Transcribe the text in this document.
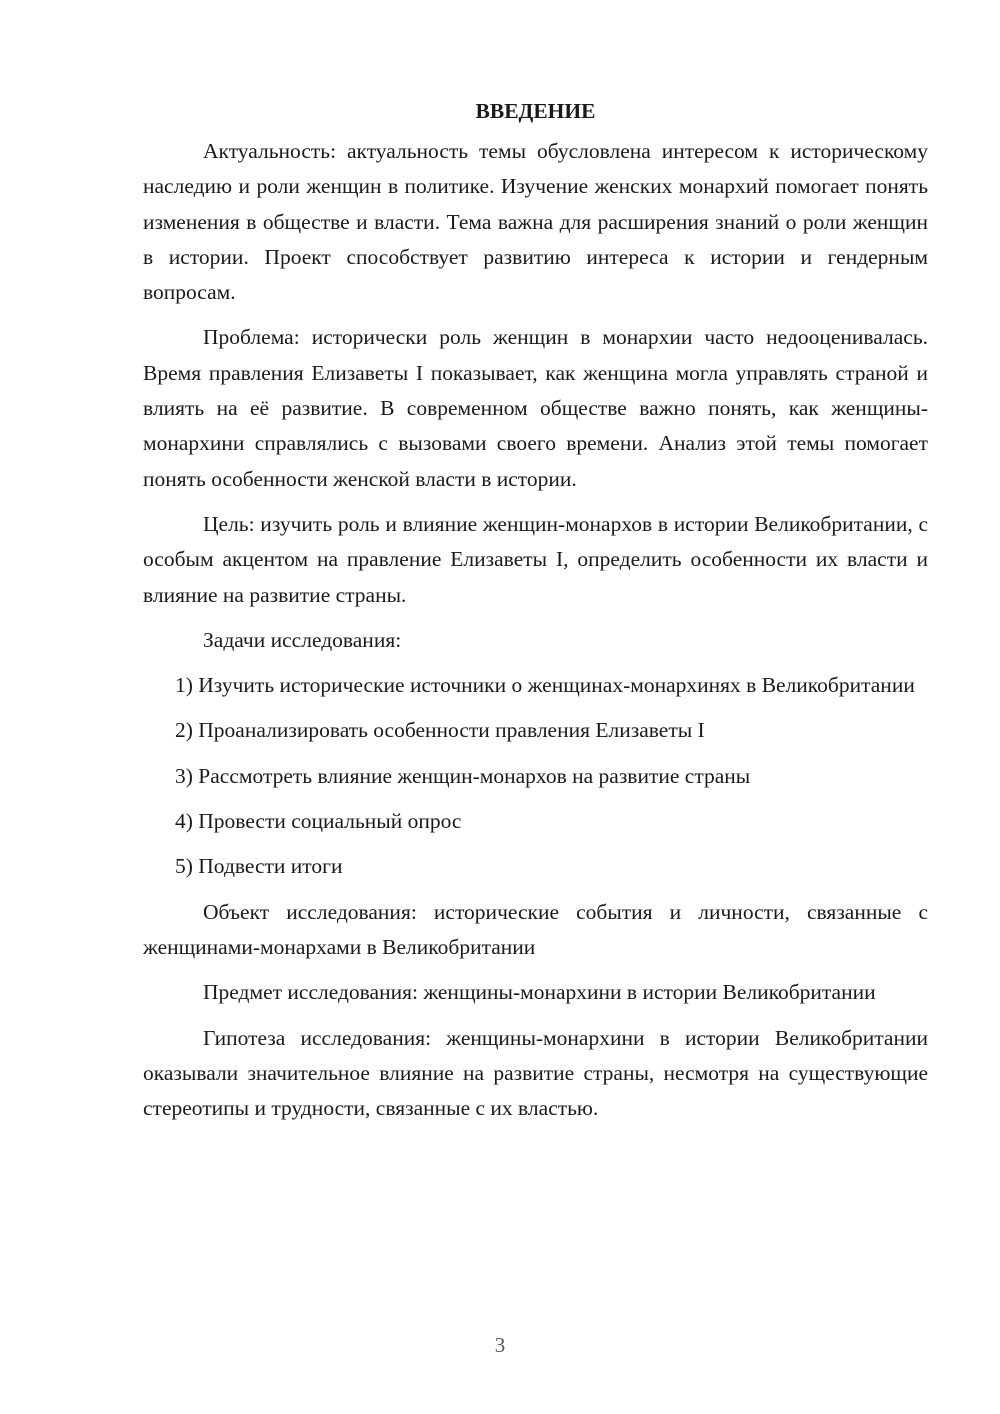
ВВЕДЕНИЕ

Актуальность: актуальность темы обусловлена интересом к историческому наследию и роли женщин в политике. Изучение женских монархий помогает понять изменения в обществе и власти. Тема важна для расширения знаний о роли женщин в истории. Проект способствует развитию интереса к истории и гендерным вопросам.

Проблема: исторически роль женщин в монархии часто недооценивалась. Время правления Елизаветы I показывает, как женщина могла управлять страной и влиять на её развитие. В современном обществе важно понять, как женщины-монархини справлялись с вызовами своего времени. Анализ этой темы помогает понять особенности женской власти в истории.

Цель: изучить роль и влияние женщин-монархов в истории Великобритании, с особым акцентом на правление Елизаветы I, определить особенности их власти и влияние на развитие страны.

Задачи исследования:

1) Изучить исторические источники о женщинах-монархинях в Великобритании

2) Проанализировать особенности правления Елизаветы I

3) Рассмотреть влияние женщин-монархов на развитие страны

4) Провести социальный опрос

5) Подвести итоги

Объект исследования: исторические события и личности, связанные с женщинами-монархами в Великобритании

Предмет исследования: женщины-монархини в истории Великобритании

Гипотеза исследования: женщины-монархини в истории Великобритании оказывали значительное влияние на развитие страны, несмотря на существующие стереотипы и трудности, связанные с их властью.

3
